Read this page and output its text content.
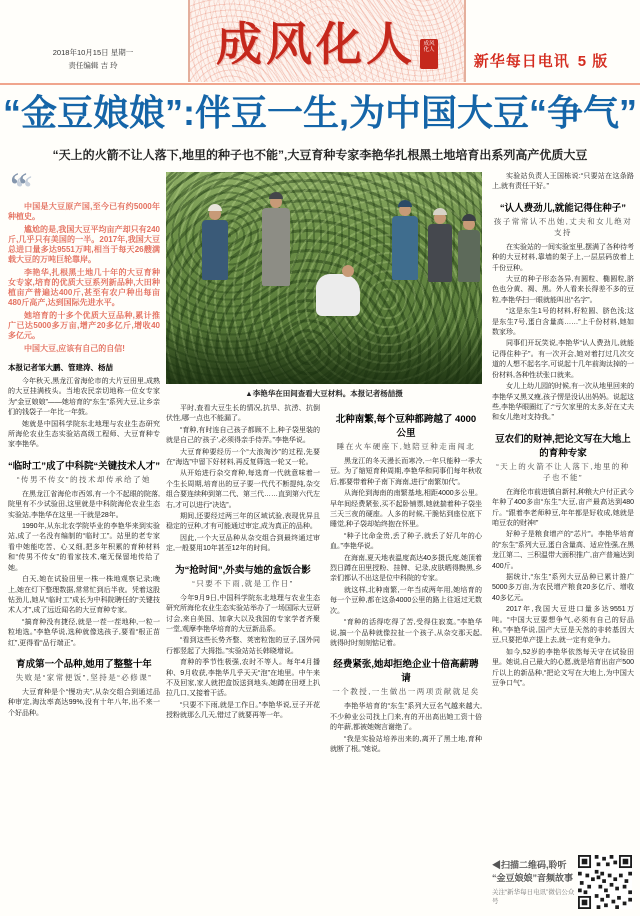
2018年10月15日 星期一
责任编辑 吉 玲	成风化人	成风化人
新华每日电讯 5 版
“金豆娘娘”:伴豆一生,为中国大豆“争气”
“天上的火箭不让人落下,地里的种子也不能”,大豆育种专家李艳华扎根黑土地培育出系列高产优质大豆
▲李艳华在田间查看大豆材料。本报记者杨喆摄
“

中国是大豆原产国,至今已有约5000年种植史。

尴尬的是,我国大豆平均亩产却只有240斤,几乎只有美国的一半。2017年,我国大豆总进口量多达9551万吨,相当于每天26艘满载大豆的万吨巨轮靠岸。

李艳华,扎根黑土地几十年的大豆育种女专家,培育的优质大豆系列新品种,大田种植亩产普遍达400斤,甚至有农户种出每亩480斤高产,达到国际先进水平。

她培育的十多个优质大豆品种,累计推广已达5000多万亩,增产20多亿斤,增收40多亿元。

中国大豆,应该有自己的自信!

本报记者邹大鹏、管建涛、杨喆

今年秋天,黑龙江省海伦市的大片豆田里,成熟的大豆挂满枝头。当地农民亲切地称一位女专家为“金豆娘娘”——她培育的“东生”系列大豆,让乡亲们的钱袋子一年比一年鼓。

她就是中国科学院东北地理与农业生态研究所海伦农业生态实验站高级工程师、大豆育种专家李艳华。

“临时工”成了中科院“关键技术人才”
“传男不传女”的技术却传承给了她

在黑龙江省海伦市西郊,有一个不起眼的院落,院里有不少试验田,这里就是中科院海伦农业生态实验站,李艳华在这里一干就是28年。

1990年,从东北农学院毕业的李艳华来到实验站,成了一名没有编制的“临时工”。站里的老专家看中她能吃苦、心又细,把多年积累的育种材料和“传男不传女”的看家技术,毫无保留地传给了她。

白天,她在试验田里一株一株地观察记录;晚上,她在灯下整理数据,常常忙到后半夜。凭着这股钻劲儿,她从“临时工”成长为中科院聘任的“关键技术人才”,成了远近闻名的大豆育种专家。

“搞育种没有捷径,就是一茬一茬地种,一粒一粒地选。”李艳华说,选种就像选孩子,要看“根正苗红”,更得看“品行端正”。

育成第一个品种,她用了整整十年
失败是“家常便饭”,坚持是“必修课”

大豆育种是个“慢功夫”,从杂交组合到通过品种审定,淘汰率高达99%,没有十年八年,出不来一个好品种。

平时,查看大豆生长的情况,抗旱、抗涝、抗倒伏性,哪一点也不能漏了。

“育种,有时连自己孩子都顾不上,种子袋里装的就是自己的‘孩子’,必须得亲手侍弄。”李艳华说。

大豆育种要经历一个“大浪淘沙”的过程,先要在“海选”中留下好材料,再反复筛选一轮又一轮。

从开始进行杂交育种,每选育一代就意味着一个生长周期,培育出的豆子要一代代不断提纯,杂交组合要连续种到第二代、第三代……直到第六代左右,才可以进行“决选”。

期间,还要经过两三年的区域试验,表现优异且稳定的豆种,才有可能通过审定,成为真正的品种。

因此,一个大豆品种从杂交组合到最终通过审定,一般要用10年甚至12年的时间。

为“抢时间”,外卖与她的盒饭合影
“只要不下雨,就是工作日”

今年9月9日,中国科学院东北地理与农业生态研究所海伦农业生态实验站举办了一场国际大豆研讨会,来自美国、加拿大以及我国的专家学者齐聚一堂,观摩李艳华培育的大豆新品系。

“看到这些长势齐整、荚密粒饱的豆子,国外同行都竖起了大拇指。”实验站站长韩晓增说。

育种的季节性极强,农时不等人。每年4月播种、9月收获,李艳华几乎天天“泡”在地里。中午来不及回家,家人就把盒饭送到地头,她蹲在田埂上扒拉几口,又接着干活。

“只要不下雨,就是工作日。”李艳华说,豆子开花授粉就那么几天,错过了就要再等一年。

北种南繁,每个豆种都跨越了 4000 公里
睡在火车硬座下,她陪豆种走南闯北

黑龙江的冬天漫长而寒冷,一年只能种一季大豆。为了缩短育种周期,李艳华和同事们每年秋收后,都要带着种子南下海南,进行“南繁加代”。

从海伦到海南的南繁基地,相距4000多公里。早年间经费紧张,买不起卧铺票,她就揣着种子袋坐三天三夜的硬座。人多的时候,干脆钻到座位底下睡觉,种子袋却始终抱在怀里。

“种子比命金贵,丢了种子,就丢了好几年的心血。”李艳华说。

在海南,夏天地表温度高达40多摄氏度,她顶着烈日蹲在田里授粉、挂牌、记录,皮肤晒得黝黑,乡亲们都认不出这是位中科院的专家。

就这样,北种南繁,一年当成两年用,她培育的每一个豆种,都在这条4000公里的路上往返过无数次。

“育种的活得吃得了苦,受得住寂寞。”李艳华说,搞一个品种就像拉扯一个孩子,从杂交那天起,就得时时刻刻惦记着。

经费紧张,她却拒绝企业十倍高薪聘请
一个教授,一生做出一两项贡献就足矣

李艳华培育的“东生”系列大豆名气越来越大,不少种业公司找上门来,有的开出高出她工资十倍的年薪,都被她婉言谢绝了。

“我是实验站培养出来的,离开了黑土地,育种就断了根。”她说。

实验站负责人王国栋说:“只要站在这条路上,就有责任干好。”

“认人费劲儿,就能记得住种子”
孩子常常认不出她,丈夫和女儿绝对支持

在实验站的一间实验室里,摆满了各种待考种的大豆材料,靠墙的架子上,一层层码放着上千份豆种。

大豆的种子形态各异,有圆粒、椭圆粒,脐色也分黄、褐、黑。外人看来长得差不多的豆粒,李艳华扫一眼就能叫出“名字”。

“这是东生1号的材料,籽粒圆、脐色浅;这是东生7号,蛋白含量高……”上千份材料,她如数家珍。

同事们开玩笑说,李艳华“认人费劲儿,就能记得住种子”。有一次开会,她对着打过几次交道的人想不起名字,可说起十几年前淘汰掉的一份材料,各种性状张口就来。

女儿上幼儿园的时候,有一次从地里回来的李艳华又黑又瘦,孩子愣是没认出妈妈。说起这些,李艳华眼圈红了:“亏欠家里的太多,好在丈夫和女儿绝对支持我。”

豆农们的财神,把论文写在大地上的育种专家
“天上的火箭不让人落下,地里的种子也不能”

在海伦市前进镇自新村,种粮大户付正武今年种了400多亩“东生”大豆,亩产最高达到480斤。“跟着李老师种豆,年年都是好收成,她就是咱豆农的财神!”

好种子是粮食增产的“芯片”。李艳华培育的“东生”系列大豆,蛋白含量高、适应性强,在黑龙江第二、三积温带大面积推广,亩产普遍达到400斤。

据统计,“东生”系列大豆品种已累计推广5000多万亩,为农民增产粮食20多亿斤、增收40多亿元。

2017年,我国大豆进口量多达9551万吨。“中国大豆要想争气,必须有自己的好品种。”李艳华说,国产大豆是天然的非转基因大豆,只要把单产提上去,就一定有竞争力。

如今,52岁的李艳华依然每天守在试验田里。她说,自己最大的心愿,就是培育出亩产500斤以上的新品种,“把论文写在大地上,为中国大豆争口气”。

◀扫描二维码,聆听
“金豆娘娘”音频故事
关注“新华每日电讯”微信公众号
